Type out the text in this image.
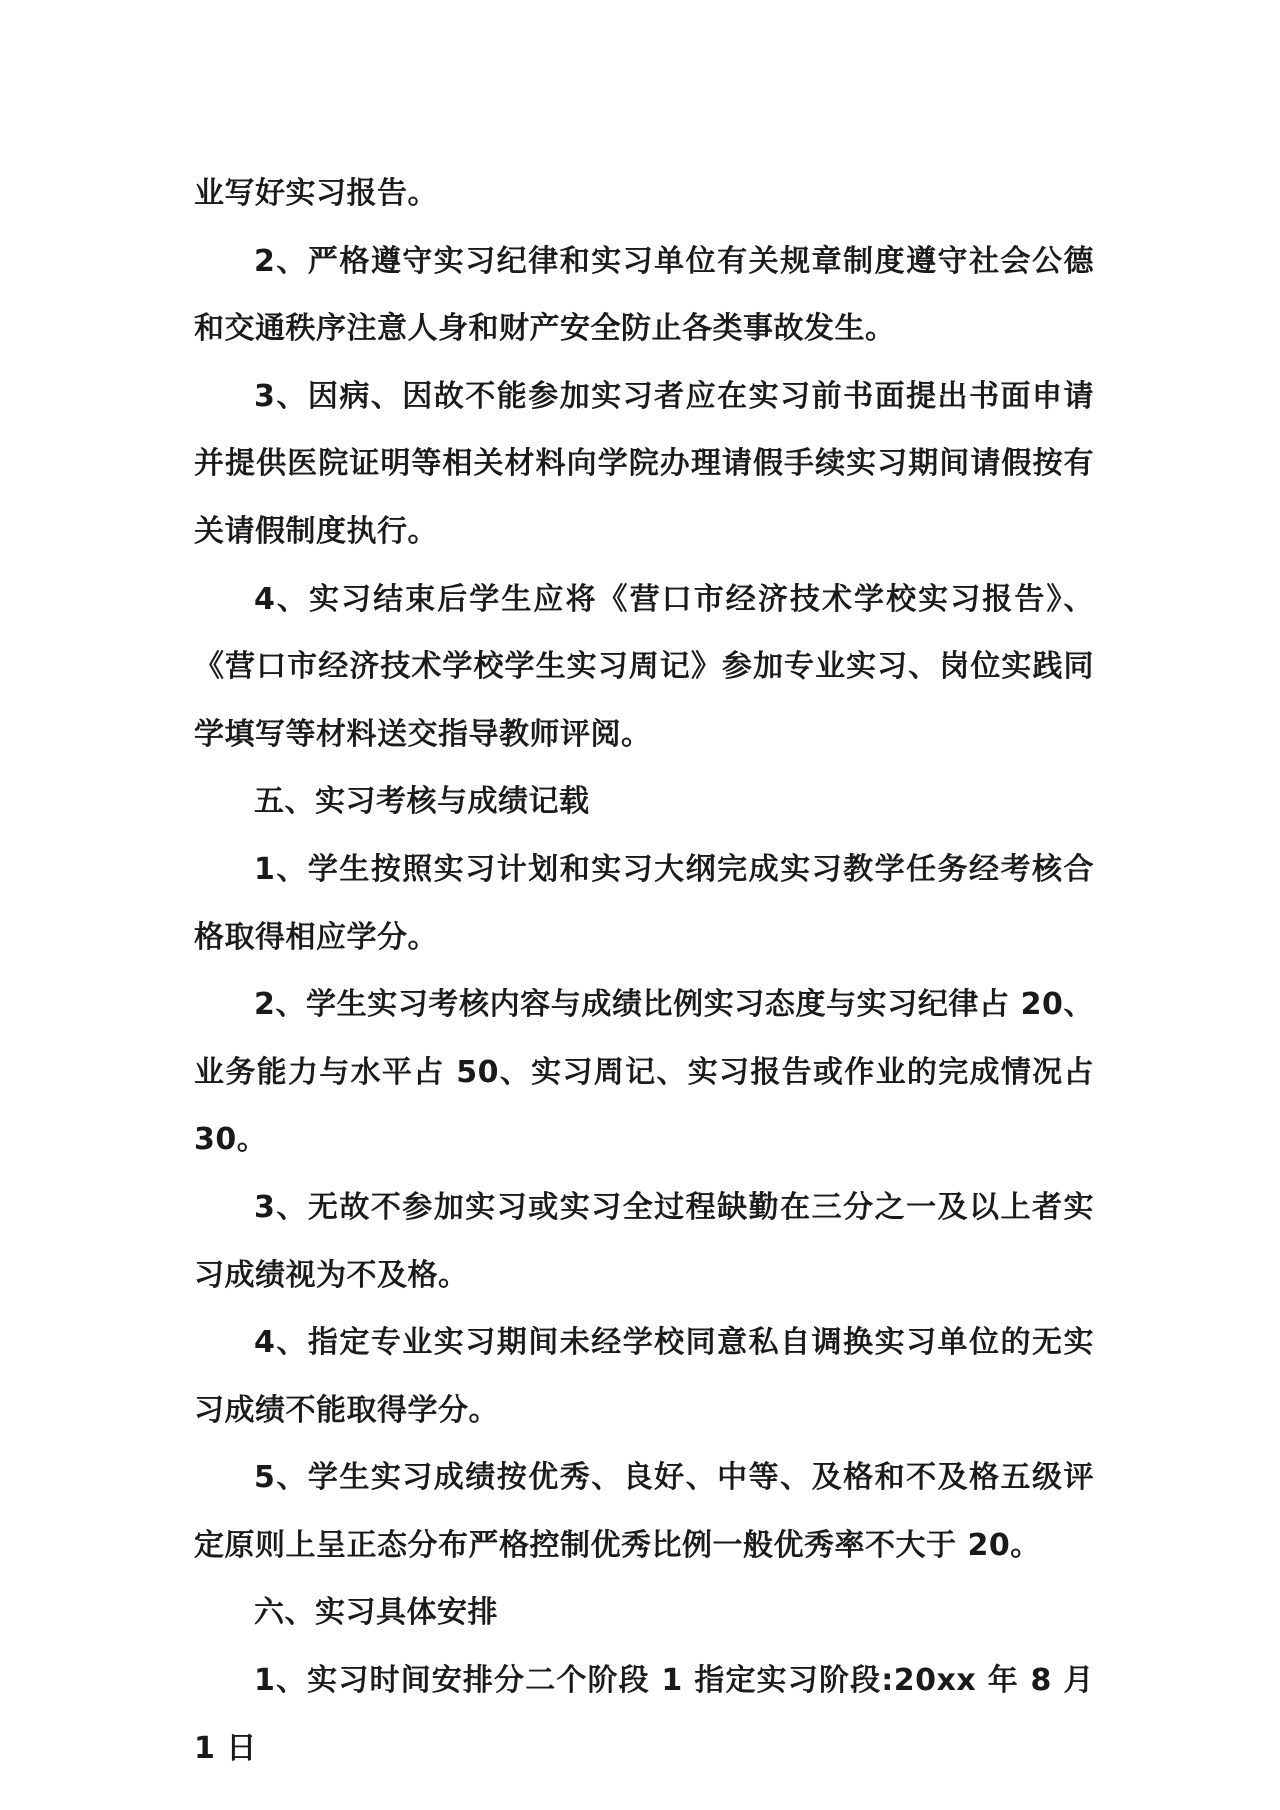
业写好实习报告。

2、严格遵守实习纪律和实习单位有关规章制度遵守社会公德和交通秩序注意人身和财产安全防止各类事故发生。

3、因病、因故不能参加实习者应在实习前书面提出书面申请并提供医院证明等相关材料向学院办理请假手续实习期间请假按有关请假制度执行。

4、实习结束后学生应将《营口市经济技术学校实习报告》、《营口市经济技术学校学生实习周记》参加专业实习、岗位实践同学填写等材料送交指导教师评阅。

五、实习考核与成绩记载

1、学生按照实习计划和实习大纲完成实习教学任务经考核合格取得相应学分。

2、学生实习考核内容与成绩比例实习态度与实习纪律占 20、业务能力与水平占 50、实习周记、实习报告或作业的完成情况占 30。

3、无故不参加实习或实习全过程缺勤在三分之一及以上者实习成绩视为不及格。

4、指定专业实习期间未经学校同意私自调换实习单位的无实习成绩不能取得学分。

5、学生实习成绩按优秀、良好、中等、及格和不及格五级评定原则上呈正态分布严格控制优秀比例一般优秀率不大于 20。

六、实习具体安排

1、实习时间安排分二个阶段 1 指定实习阶段:20xx 年 8 月 1 日
